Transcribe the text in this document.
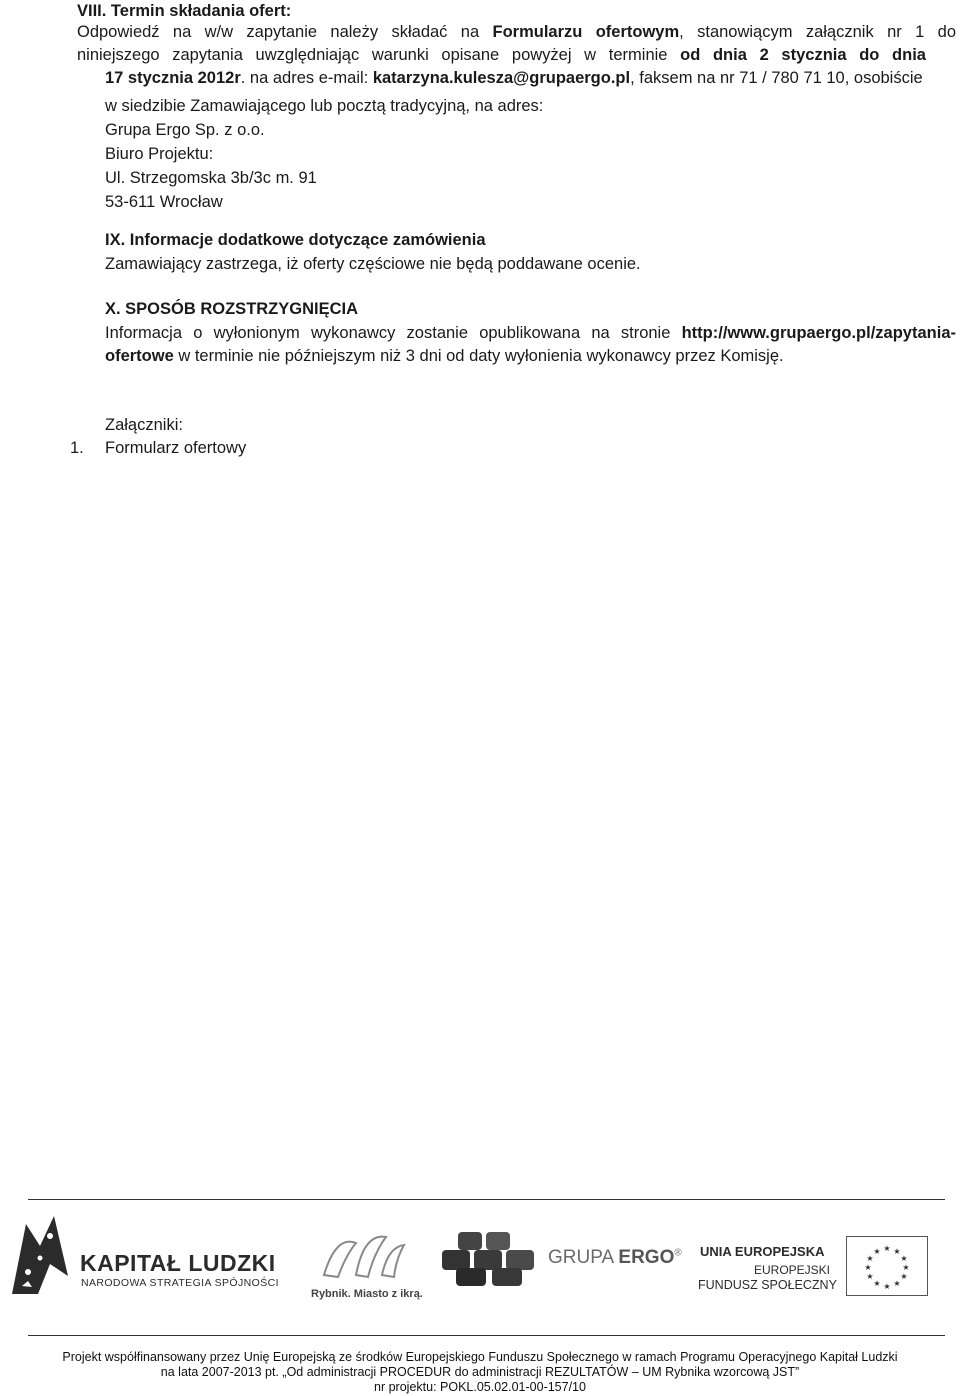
VIII. Termin składania ofert:
Odpowiedź na w/w zapytanie należy składać na Formularzu ofertowym, stanowiącym załącznik nr 1 do
niniejszego zapytania uwzględniając warunki opisane powyżej w terminie od dnia 2 stycznia do dnia
17 stycznia 2012r. na adres e-mail: katarzyna.kulesza@grupaergo.pl, faksem na nr 71 / 780 71 10, osobiście
w siedzibie Zamawiającego lub pocztą tradycyjną, na adres:
Grupa Ergo Sp. z o.o.
Biuro Projektu:
Ul. Strzegomska 3b/3c m. 91
53-611 Wrocław
IX. Informacje dodatkowe dotyczące zamówienia
Zamawiający zastrzega, iż oferty częściowe nie będą poddawane ocenie.
X. SPOSÓB ROZSTRZYGNIĘCIA
Informacja o wyłonionym wykonawcy zostanie opublikowana na stronie http://www.grupaergo.pl/zapytania-
ofertowe w terminie nie późniejszym niż 3 dni od daty wyłonienia wykonawcy przez Komisję.
Załączniki:
1. Formularz ofertowy
KAPITAŁ LUDZKI
NARODOWA STRATEGIA SPÓJNOŚCI
Rybnik. Miasto z ikrą.
GRUPA ERGO® UNIA EUROPEJSKA
EUROPEJSKI
FUNDUSZ SPOŁECZNY
★ ★
★
★
★
★
★
★
★
★
★
★
Projekt współfinansowany przez Unię Europejską ze środków Europejskiego Funduszu Społecznego w ramach Programu Operacyjnego Kapitał Ludzki
na lata 2007-2013 pt. „Od administracji PROCEDUR do administracji REZULTATÓW – UM Rybnika wzorcową JST”
nr projektu: POKL.05.02.01-00-157/10
